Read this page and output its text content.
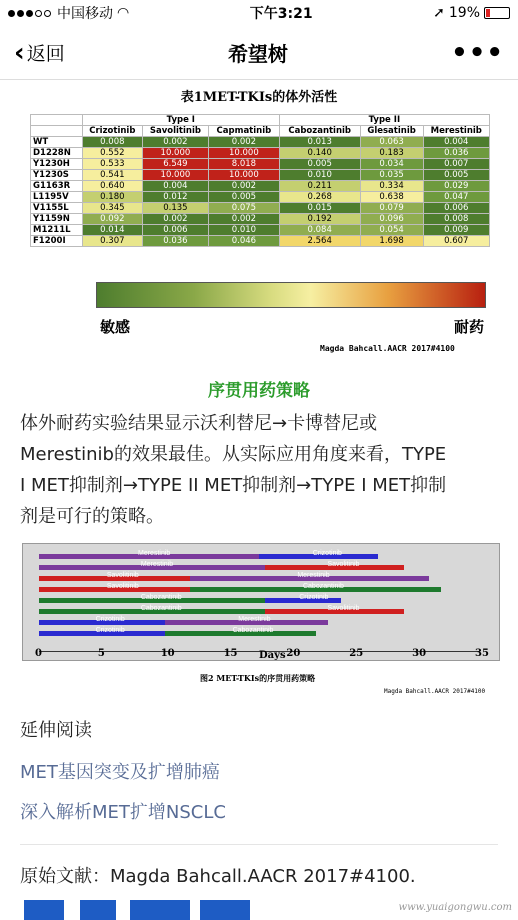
中国移动 ◠	下午3:21	➚ 19%
‹ 返回	希望树	•••
表1MET-TKIs的体外活性
	Type I			Type II		
	Crizotinib	Savolitinib	Capmatinib	Cabozantinib	Glesatinib	Merestinib
WT	0.008	0.002	0.002	0.013	0.063	0.004
D1228N	0.552	10.000	10.000	0.140	0.183	0.036
Y1230H	0.533	6.549	8.018	0.005	0.034	0.007
Y1230S	0.541	10.000	10.000	0.010	0.035	0.005
G1163R	0.640	0.004	0.002	0.211	0.334	0.029
L1195V	0.180	0.012	0.005	0.268	0.638	0.047
V1155L	0.345	0.135	0.075	0.015	0.079	0.006
Y1159N	0.092	0.002	0.002	0.192	0.096	0.008
M1211L	0.014	0.006	0.010	0.084	0.054	0.009
F1200I	0.307	0.036	0.046	2.564	1.698	0.607
敏感	耐药
Magda Bahcall.AACR 2017#4100
序贯用药策略
体外耐药实验结果显示沃利替尼→卡博替尼或Merestinib的效果最佳。从实际应用角度来看，TYPE I MET抑制剂→TYPE II MET抑制剂→TYPE I MET抑制剂是可行的策略。
Merestinib	Crizotinib
Merestinib	Savolitinib
Savolitinib	Merestinib
Savolitinib	Cabozantinib
Cabozantinib	Crizotinib
Cabozantinib	Savolitinib
Crizotinib	Merestinib
Crizotinib	Cabozantinib
0	5	10	15	20	25	30	35
Days
图2 MET-TKIs的序贯用药策略
Magda Bahcall.AACR 2017#4100
延伸阅读
MET基因突变及扩增肺癌
深入解析MET扩增NSCLC
原始文献：Magda Bahcall.AACR 2017#4100.
www.yuaigongwu.com
